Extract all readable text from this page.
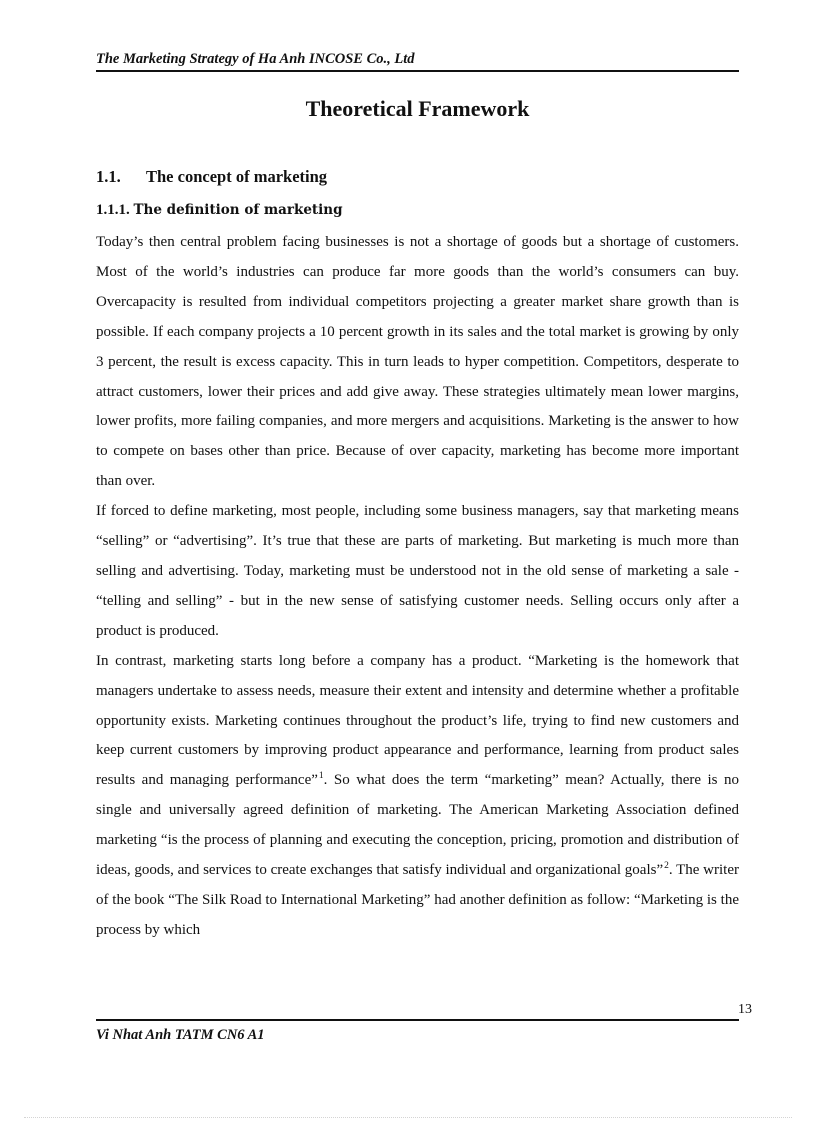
The Marketing Strategy of Ha Anh INCOSE Co., Ltd
Theoretical Framework
1.1. The concept of marketing
1.1.1. The definition of marketing

Today’s then central problem facing businesses is not a shortage of goods but a shortage of customers. Most of the world’s industries can produce far more goods than the world’s consumers can buy. Overcapacity is resulted from individual competitors projecting a greater market share growth than is possible. If each company projects a 10 percent growth in its sales and the total market is growing by only 3 percent, the result is excess capacity. This in turn leads to hyper competition. Competitors, desperate to attract customers, lower their prices and add give away. These strategies ultimately mean lower margins, lower profits, more failing companies, and more mergers and acquisitions. Marketing is the answer to how to compete on bases other than price. Because of over capacity, marketing has become more important than over.

If forced to define marketing, most people, including some business managers, say that marketing means “selling” or “advertising”. It’s true that these are parts of marketing. But marketing is much more than selling and advertising. Today, marketing must be understood not in the old sense of marketing a sale - “telling and selling” - but in the new sense of satisfying customer needs. Selling occurs only after a product is produced.

In contrast, marketing starts long before a company has a product. “Marketing is the homework that managers undertake to assess needs, measure their extent and intensity and determine whether a profitable opportunity exists. Marketing continues throughout the product’s life, trying to find new customers and keep current customers by improving product appearance and performance, learning from product sales results and managing performance”$^1$. So what does the term “marketing” mean? Actually, there is no single and universally agreed definition of marketing. The American Marketing Association defined marketing “is the process of planning and executing the conception, pricing, promotion and distribution of ideas, goods, and services to create exchanges that satisfy individual and organizational goals”$^2$. The writer of the book “The Silk Road to International Marketing” had another definition as follow: “Marketing is the process by which

13
Vi Nhat Anh TATM CN6 A1
